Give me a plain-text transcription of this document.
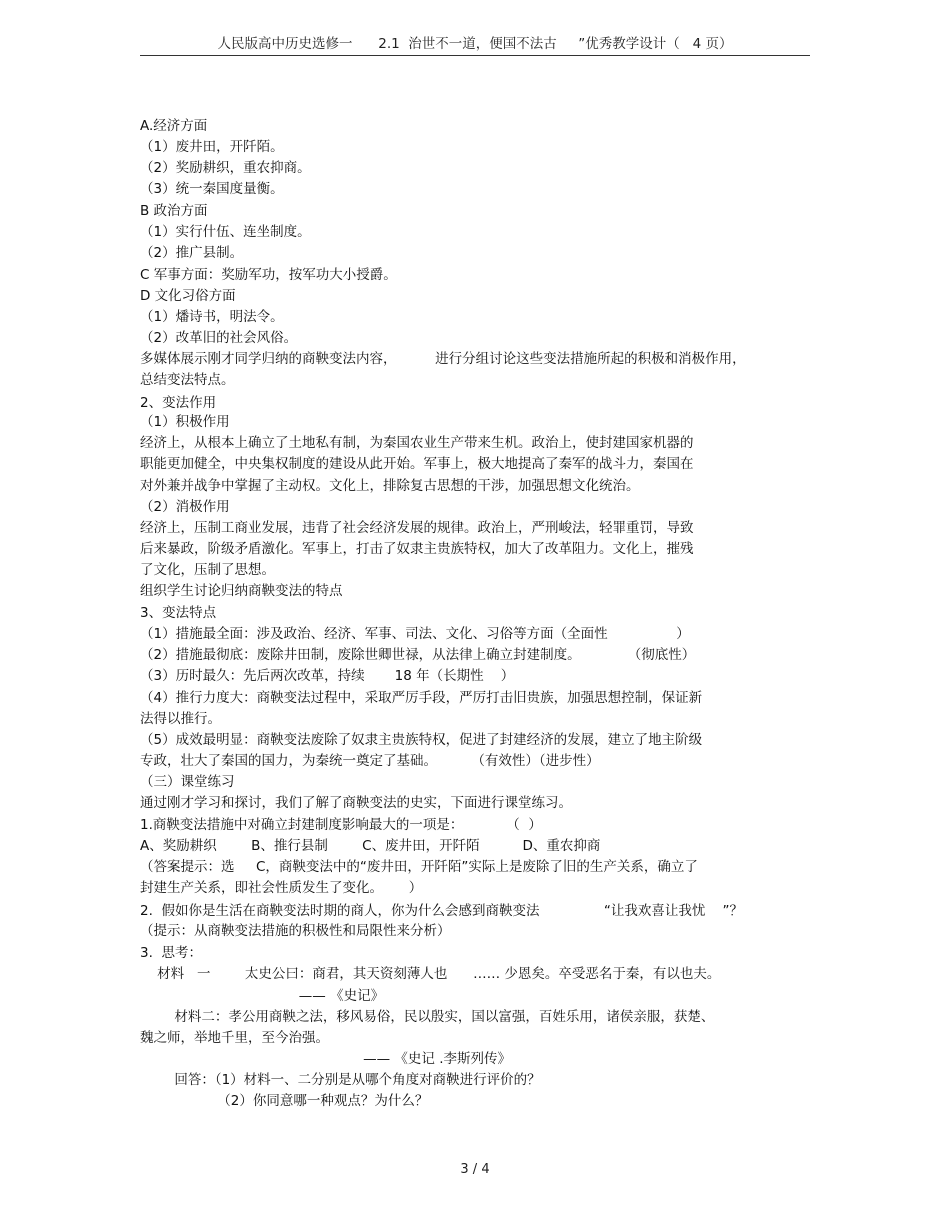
人民版高中历史选修一      2.1  治世不一道，便国不法古     ”优秀教学设计（   4 页）
A.经济方面
（1）废井田，开阡陌。
（2）奖励耕织，重农抑商。
（3）统一秦国度量衡。
B 政治方面
（1）实行什伍、连坐制度。
（2）推广县制。
C 军事方面：奖励军功，按军功大小授爵。
D 文化习俗方面
（1）燔诗书，明法令。
（2）改革旧的社会风俗。
多媒体展示刚才同学归纳的商鞅变法内容，         进行分组讨论这些变法措施所起的积极和消极作用，
总结变法特点。
2、变法作用
（1）积极作用
经济上，从根本上确立了土地私有制，为秦国农业生产带来生机。政治上，使封建国家机器的
职能更加健全，中央集权制度的建设从此开始。军事上，极大地提高了秦军的战斗力，秦国在
对外兼并战争中掌握了主动权。文化上，排除复古思想的干涉，加强思想文化统治。
（2）消极作用
经济上，压制工商业发展，违背了社会经济发展的规律。政治上，严刑峻法，轻罪重罚，导致
后来暴政，阶级矛盾激化。军事上，打击了奴隶主贵族特权，加大了改革阻力。文化上，摧残
了文化，压制了思想。
组织学生讨论归纳商鞅变法的特点
3、变法特点
（1）措施最全面：涉及政治、经济、军事、司法、文化、习俗等方面（全面性                ）
（2）措施最彻底：废除井田制，废除世卿世禄，从法律上确立封建制度。           （彻底性）
（3）历时最久：先后两次改革，持续       18 年（长期性    ）
（4）推行力度大：商鞅变法过程中，采取严厉手段，严厉打击旧贵族，加强思想控制，保证新
法得以推行。
（5）成效最明显：商鞅变法废除了奴隶主贵族特权，促进了封建经济的发展，建立了地主阶级
专政，壮大了秦国的国力，为秦统一奠定了基础。        （有效性）（进步性）
（三）课堂练习
通过刚才学习和探讨，我们了解了商鞅变法的史实，下面进行课堂练习。
1.商鞅变法措施中对确立封建制度影响最大的一项是：          （  ）
A、奖励耕织        B、推行县制        C、废井田，开阡陌          D、重农抑商
（答案提示：选     C，商鞅变法中的“废井田，开阡陌”实际上是废除了旧的生产关系，确立了
封建生产关系，即社会性质发生了变化。      ）
2.  假如你是生活在商鞅变法时期的商人，你为什么会感到商鞅变法               “让我欢喜让我忧    ”？
（提示：从商鞅变法措施的积极性和局限性来分析）
3.  思考：
材料   一        太史公曰：商君，其天资刻薄人也      …… 少恩矣。卒受恶名于秦，有以也夫。
—— 《史记》
材料二：孝公用商鞅之法，移风易俗，民以殷实，国以富强，百姓乐用，诸侯亲服，获楚、
魏之师，举地千里，至今治强。
—— 《史记 .李斯列传》
回答：（1）材料一、二分别是从哪个角度对商鞅进行评价的？
（2）你同意哪一种观点？为什么？
3 / 4
